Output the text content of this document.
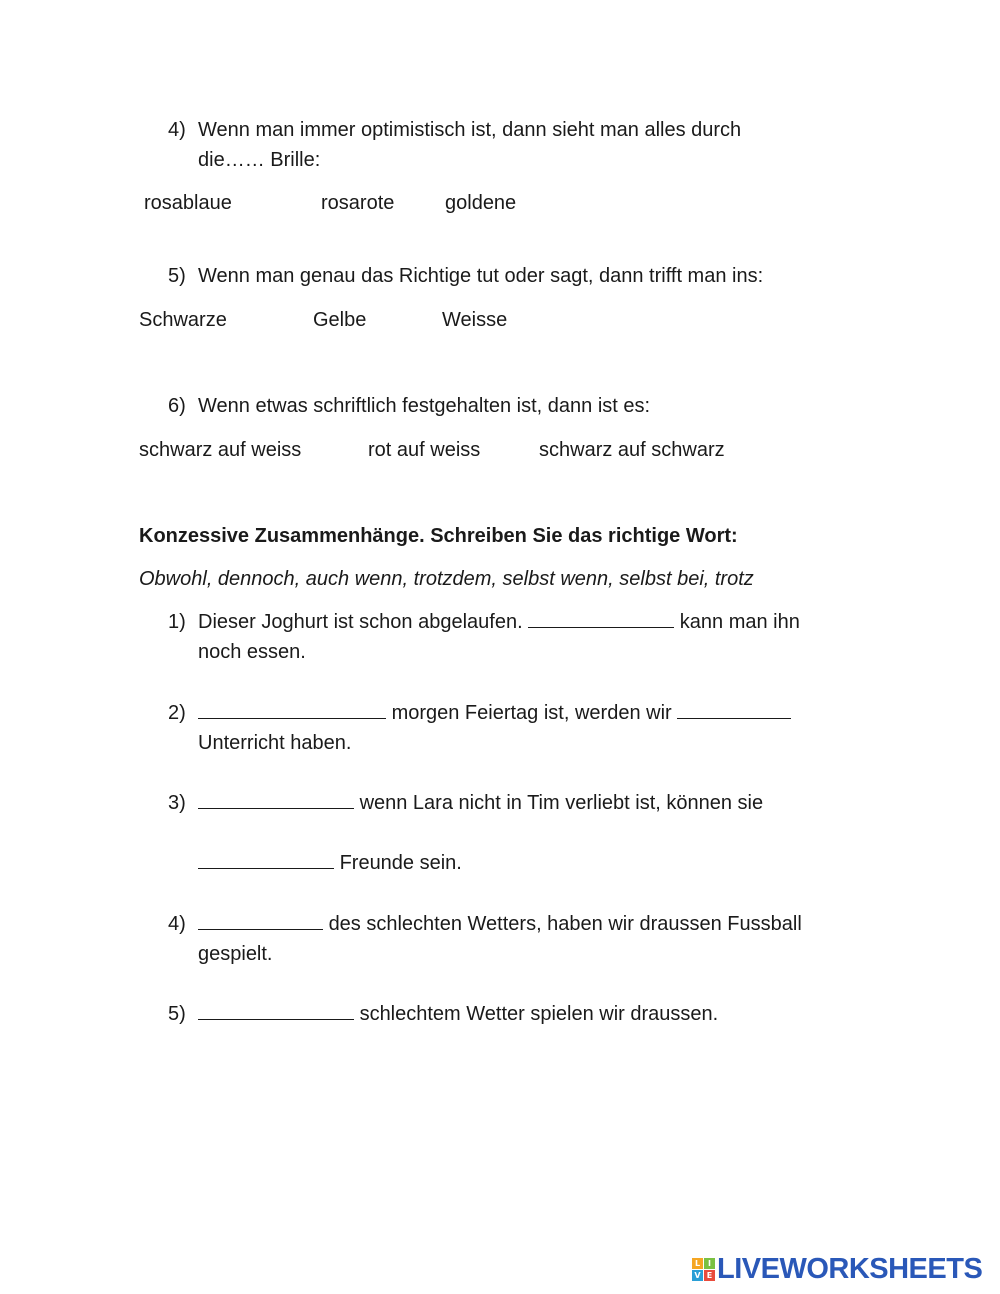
4) Wenn man immer optimistisch ist, dann sieht man alles durch
die…… Brille:
rosablaue	rosarote	goldene
5) Wenn man genau das Richtige tut oder sagt, dann trifft man ins:
Schwarze	Gelbe	Weisse
6) Wenn etwas schriftlich festgehalten ist, dann ist es:
schwarz auf weiss	rot auf weiss	schwarz auf schwarz
Konzessive Zusammenhänge. Schreiben Sie das richtige Wort:
Obwohl, dennoch, auch wenn, trotzdem, selbst wenn, selbst bei, trotz
1) Dieser Joghurt ist schon abgelaufen.	kann man ihn
noch essen.
2)	morgen Feiertag ist, werden wir
Unterricht haben.
3)	wenn Lara nicht in Tim verliebt ist, können sie
Freunde sein.
4)	des schlechten Wetters, haben wir draussen Fussball
gespielt.
5)	schlechtem Wetter spielen wir draussen.
L I
V E LIVEWORKSHEETS
